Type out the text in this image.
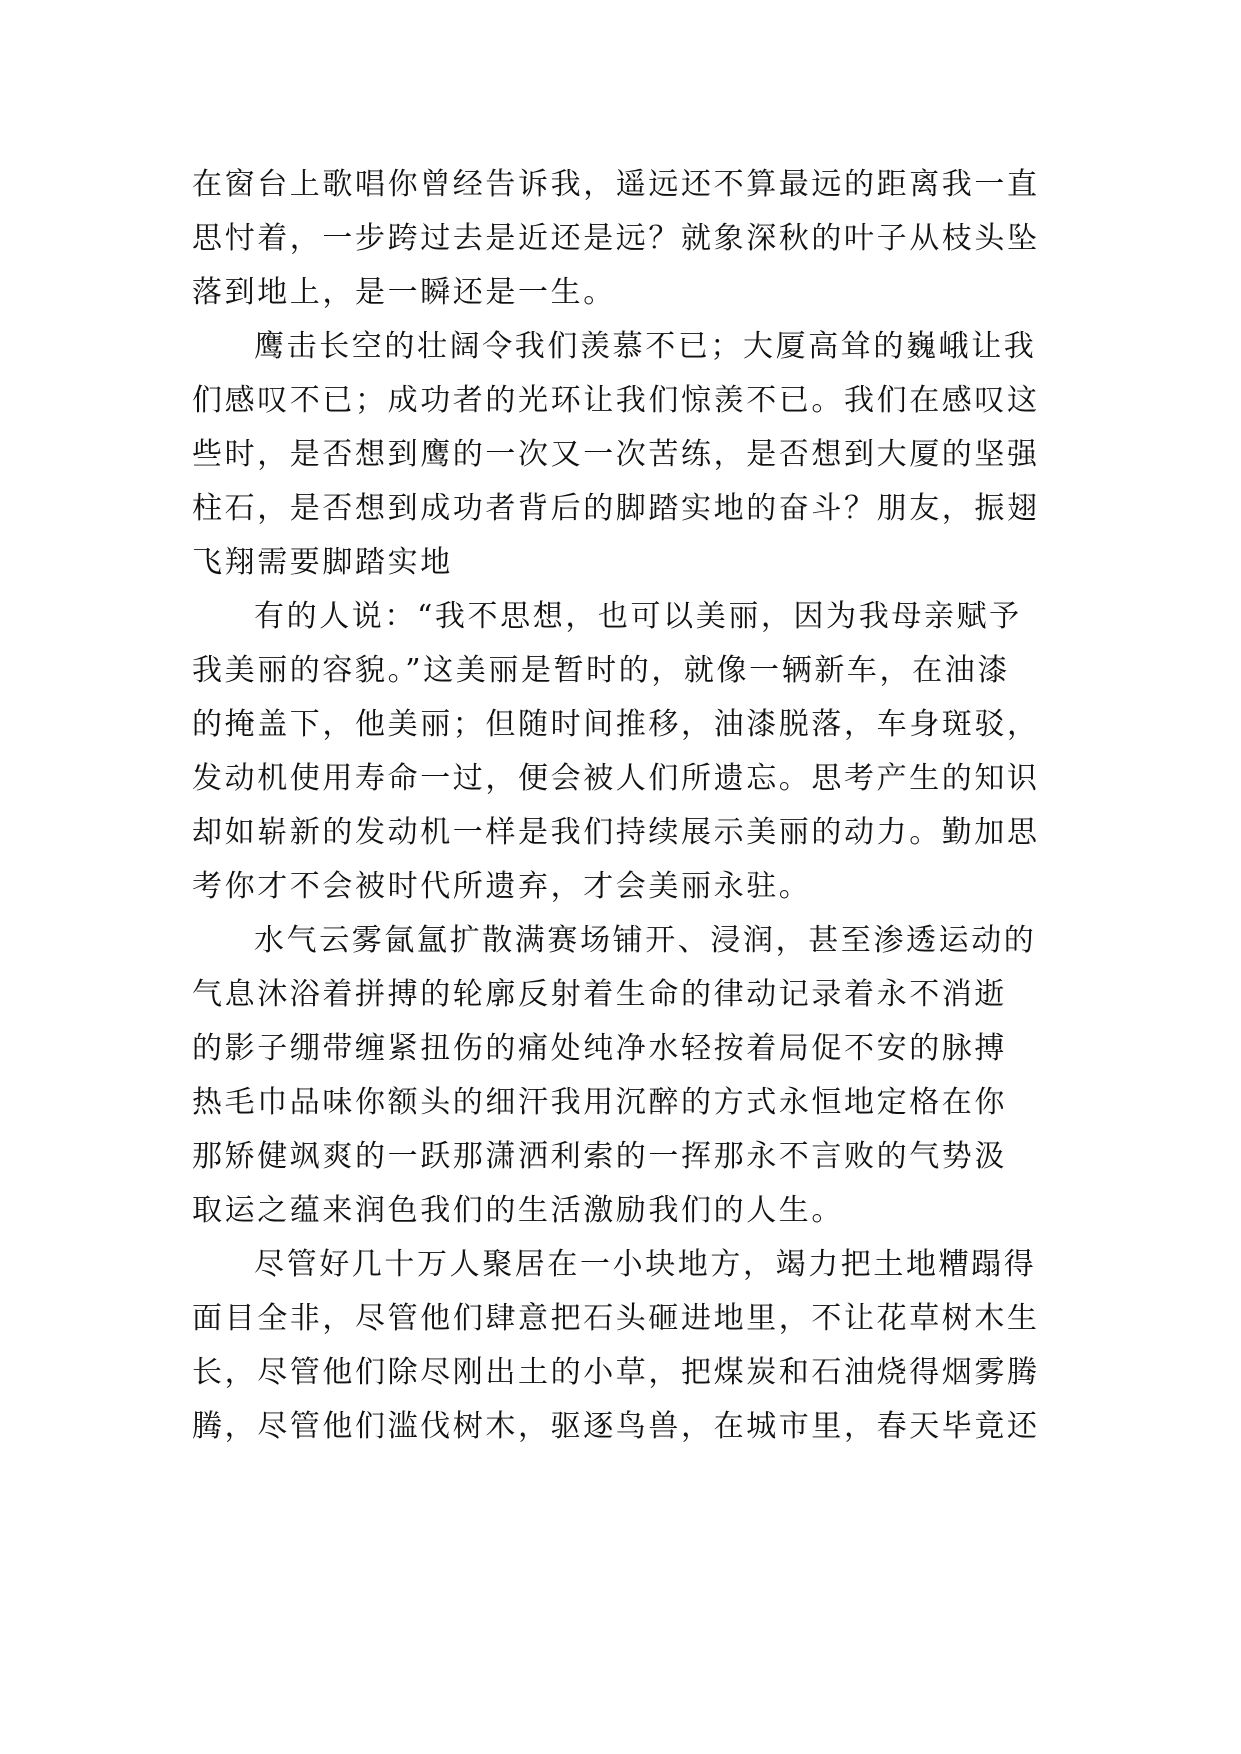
在窗台上歌唱你曾经告诉我，遥远还不算最远的距离我一直
思忖着，一步跨过去是近还是远？就象深秋的叶子从枝头坠
落到地上，是一瞬还是一生。
鹰击长空的壮阔令我们羡慕不已；大厦高耸的巍峨让我
们感叹不已；成功者的光环让我们惊羡不已。我们在感叹这
些时，是否想到鹰的一次又一次苦练，是否想到大厦的坚强
柱石，是否想到成功者背后的脚踏实地的奋斗？朋友，振翅
飞翔需要脚踏实地
有的人说：“我不思想，也可以美丽，因为我母亲赋予
我美丽的容貌。”这美丽是暂时的，就像一辆新车，在油漆
的掩盖下，他美丽；但随时间推移，油漆脱落，车身斑驳，
发动机使用寿命一过，便会被人们所遗忘。思考产生的知识
却如崭新的发动机一样是我们持续展示美丽的动力。勤加思
考你才不会被时代所遗弃，才会美丽永驻。
水气云雾氤氲扩散满赛场铺开、浸润，甚至渗透运动的
气息沐浴着拼搏的轮廓反射着生命的律动记录着永不消逝
的影子绷带缠紧扭伤的痛处纯净水轻按着局促不安的脉搏
热毛巾品味你额头的细汗我用沉醉的方式永恒地定格在你
那矫健飒爽的一跃那潇洒利索的一挥那永不言败的气势汲
取运之蕴来润色我们的生活激励我们的人生。
尽管好几十万人聚居在一小块地方，竭力把土地糟蹋得
面目全非，尽管他们肆意把石头砸进地里，不让花草树木生
长，尽管他们除尽刚出土的小草，把煤炭和石油烧得烟雾腾
腾，尽管他们滥伐树木，驱逐鸟兽，在城市里，春天毕竟还
